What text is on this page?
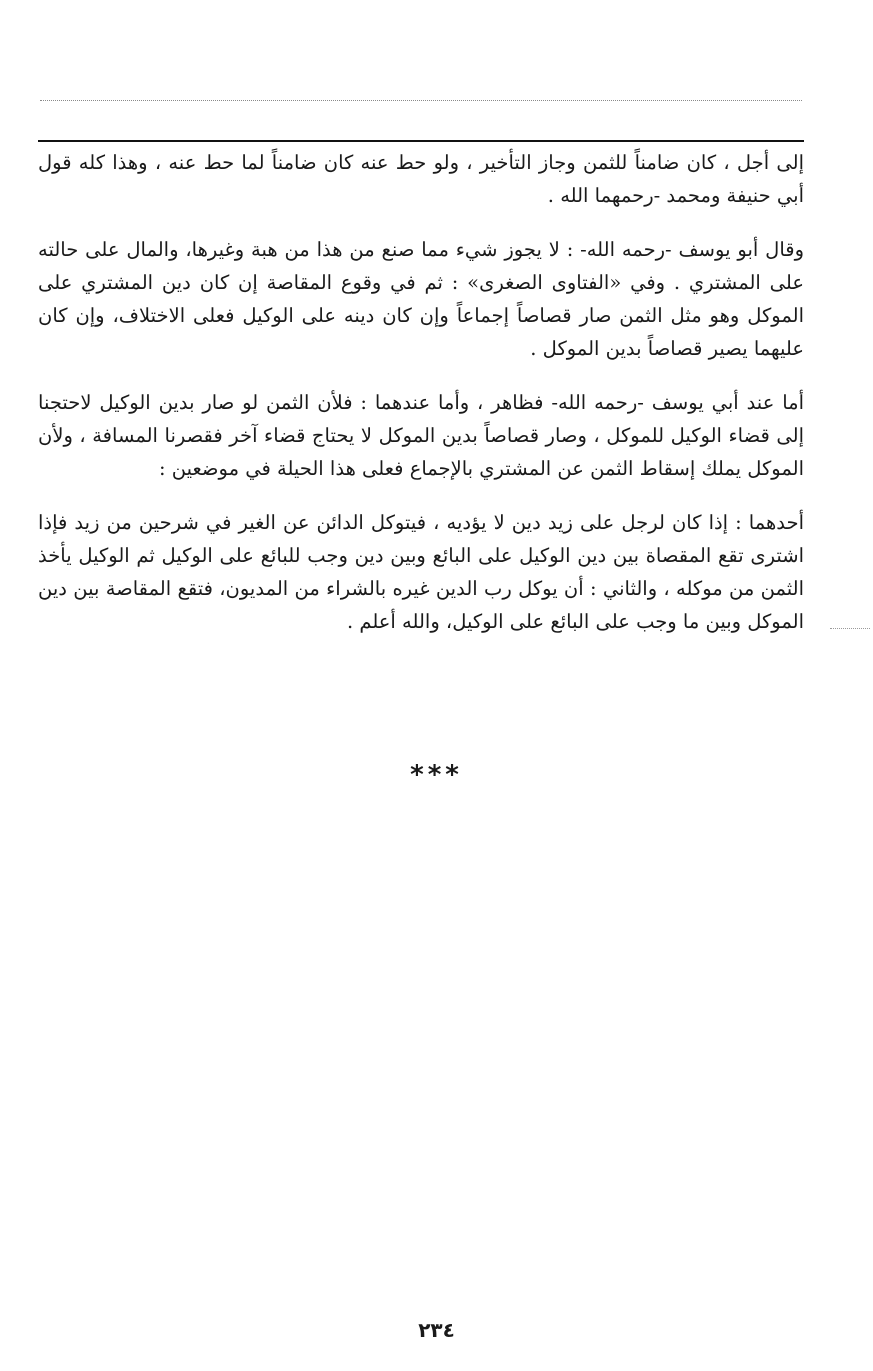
إلى أجل ، كان ضامناً للثمن وجاز التأخير ، ولو حط عنه كان ضامناً لما حط عنه ، وهذا كله قول أبي حنيفة ومحمد -رحمهما الله .

وقال أبو يوسف -رحمه الله- : لا يجوز شيء مما صنع من هذا من هبة وغيرها، والمال على حالته على المشتري . وفي «الفتاوى الصغرى» : ثم في وقوع المقاصة إن كان دين المشتري على الموكل وهو مثل الثمن صار قصاصاً إجماعاً وإن كان دينه على الوكيل فعلى الاختلاف، وإن كان عليهما يصير قصاصاً بدين الموكل .

أما عند أبي يوسف -رحمه الله- فظاهر ، وأما عندهما : فلأن الثمن لو صار بدين الوكيل لاحتجنا إلى قضاء الوكيل للموكل ، وصار قصاصاً بدين الموكل لا يحتاج قضاء آخر فقصرنا المسافة ، ولأن الموكل يملك إسقاط الثمن عن المشتري بالإجماع فعلى هذا الحيلة في موضعين :

أحدهما : إذا كان لرجل على زيد دين لا يؤديه ، فيتوكل الدائن عن الغير في شرحين من زيد فإذا اشترى تقع المقصاة بين دين الوكيل على البائع وبين دين وجب للبائع على الوكيل ثم الوكيل يأخذ الثمن من موكله ، والثاني : أن يوكل رب الدين غيره بالشراء من المديون، فتقع المقاصة بين دين الموكل وبين ما وجب على البائع على الوكيل، والله أعلم .

***
٢٣٤
